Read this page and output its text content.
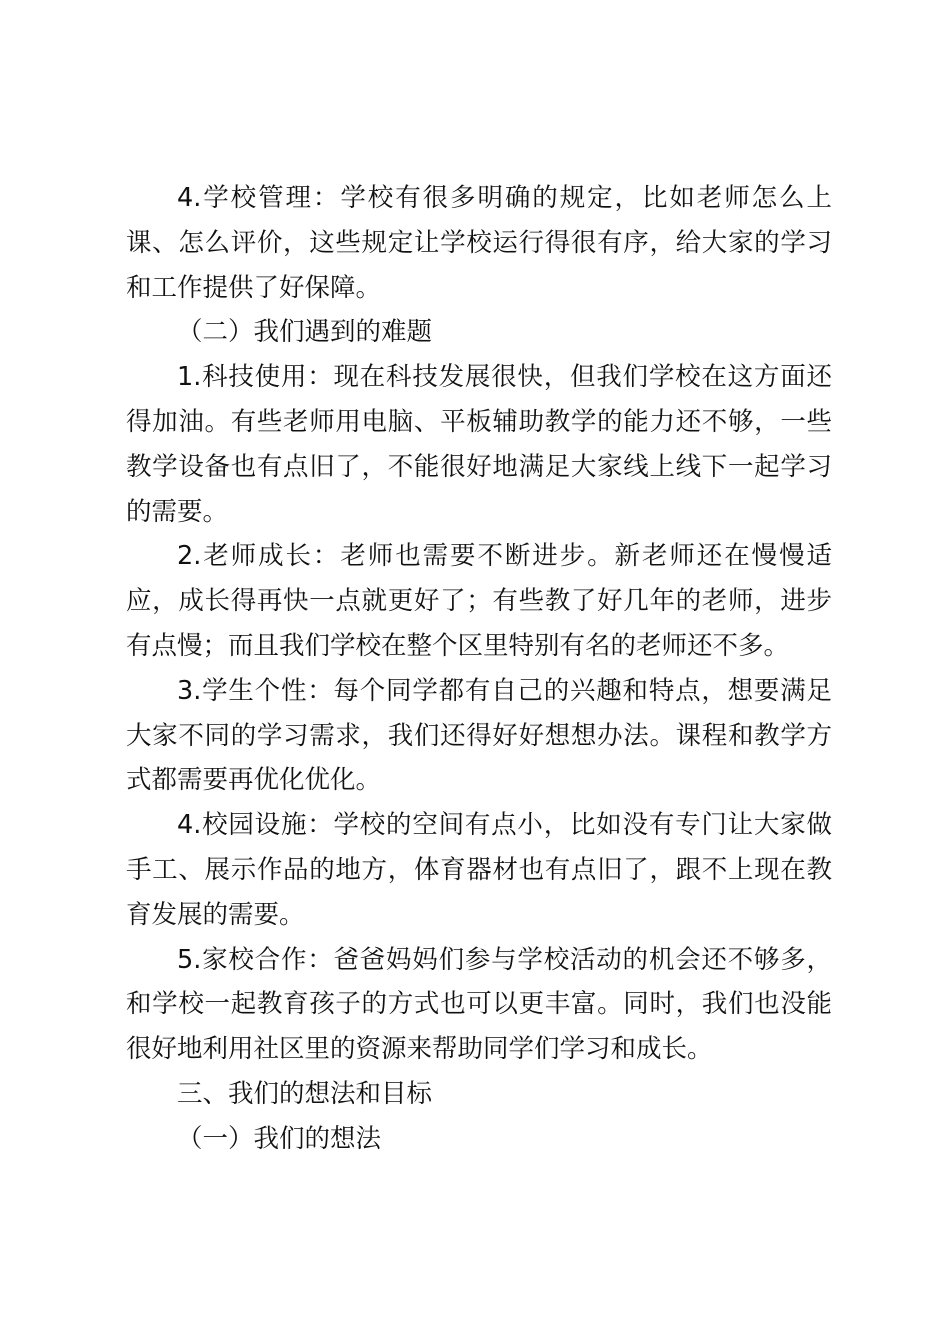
4.学校管理：学校有很多明确的规定，比如老师怎么上课、怎么评价，这些规定让学校运行得很有序，给大家的学习和工作提供了好保障。

（二）我们遇到的难题

1.科技使用：现在科技发展很快，但我们学校在这方面还得加油。有些老师用电脑、平板辅助教学的能力还不够，一些教学设备也有点旧了，不能很好地满足大家线上线下一起学习的需要。

2.老师成长：老师也需要不断进步。新老师还在慢慢适应，成长得再快一点就更好了；有些教了好几年的老师，进步有点慢；而且我们学校在整个区里特别有名的老师还不多。

3.学生个性：每个同学都有自己的兴趣和特点，想要满足大家不同的学习需求，我们还得好好想想办法。课程和教学方式都需要再优化优化。

4.校园设施：学校的空间有点小，比如没有专门让大家做手工、展示作品的地方，体育器材也有点旧了，跟不上现在教育发展的需要。

5.家校合作：爸爸妈妈们参与学校活动的机会还不够多，和学校一起教育孩子的方式也可以更丰富。同时，我们也没能很好地利用社区里的资源来帮助同学们学习和成长。

三、我们的想法和目标

（一）我们的想法
